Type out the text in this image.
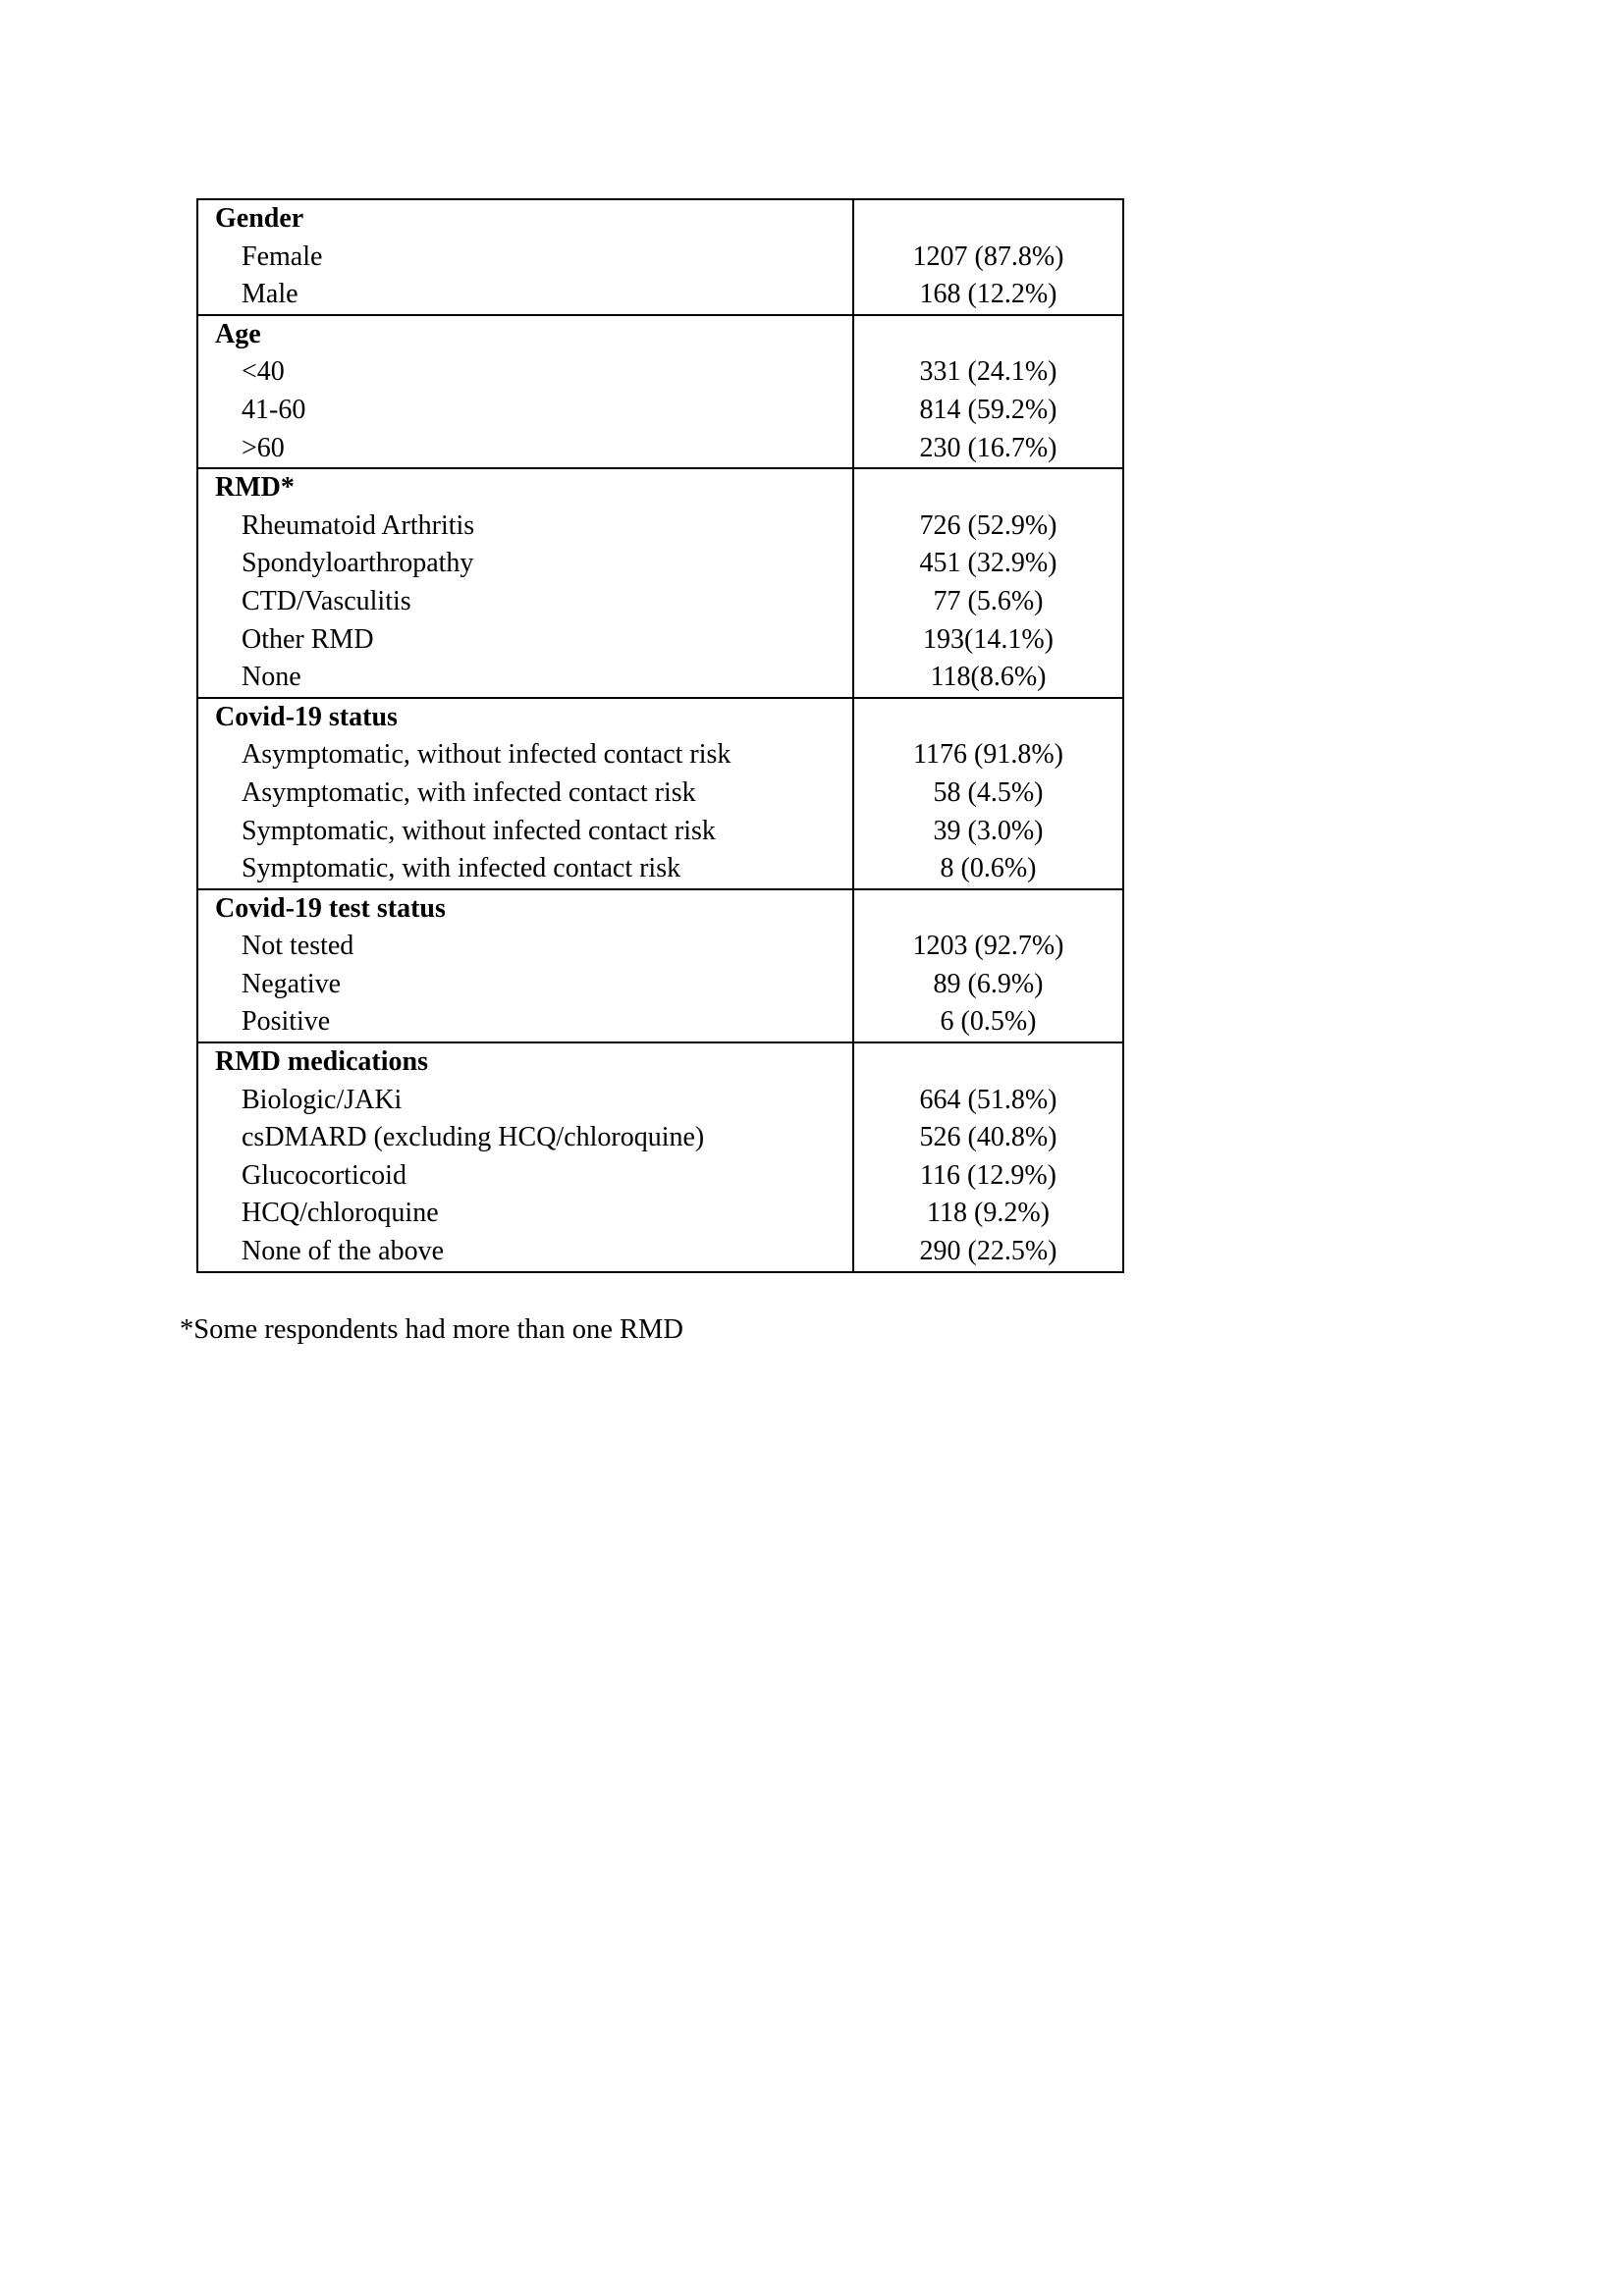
Gender
Female	1207 (87.8%)
Male	168 (12.2%)
Age
<40	331 (24.1%)
41-60	814 (59.2%)
>60	230 (16.7%)
RMD*
Rheumatoid Arthritis	726 (52.9%)
Spondyloarthropathy	451 (32.9%)
CTD/Vasculitis	77 (5.6%)
Other RMD	193(14.1%)
None	118(8.6%)
Covid-19 status
Asymptomatic, without infected contact risk	1176 (91.8%)
Asymptomatic, with infected contact risk	58 (4.5%)
Symptomatic, without infected contact risk	39 (3.0%)
Symptomatic, with infected contact risk	8 (0.6%)
Covid-19 test status
Not tested	1203 (92.7%)
Negative	89 (6.9%)
Positive	6 (0.5%)
RMD medications
Biologic/JAKi	664 (51.8%)
csDMARD (excluding HCQ/chloroquine)	526 (40.8%)
Glucocorticoid	116 (12.9%)
HCQ/chloroquine	118 (9.2%)
None of the above	290 (22.5%)
*Some respondents had more than one RMD
